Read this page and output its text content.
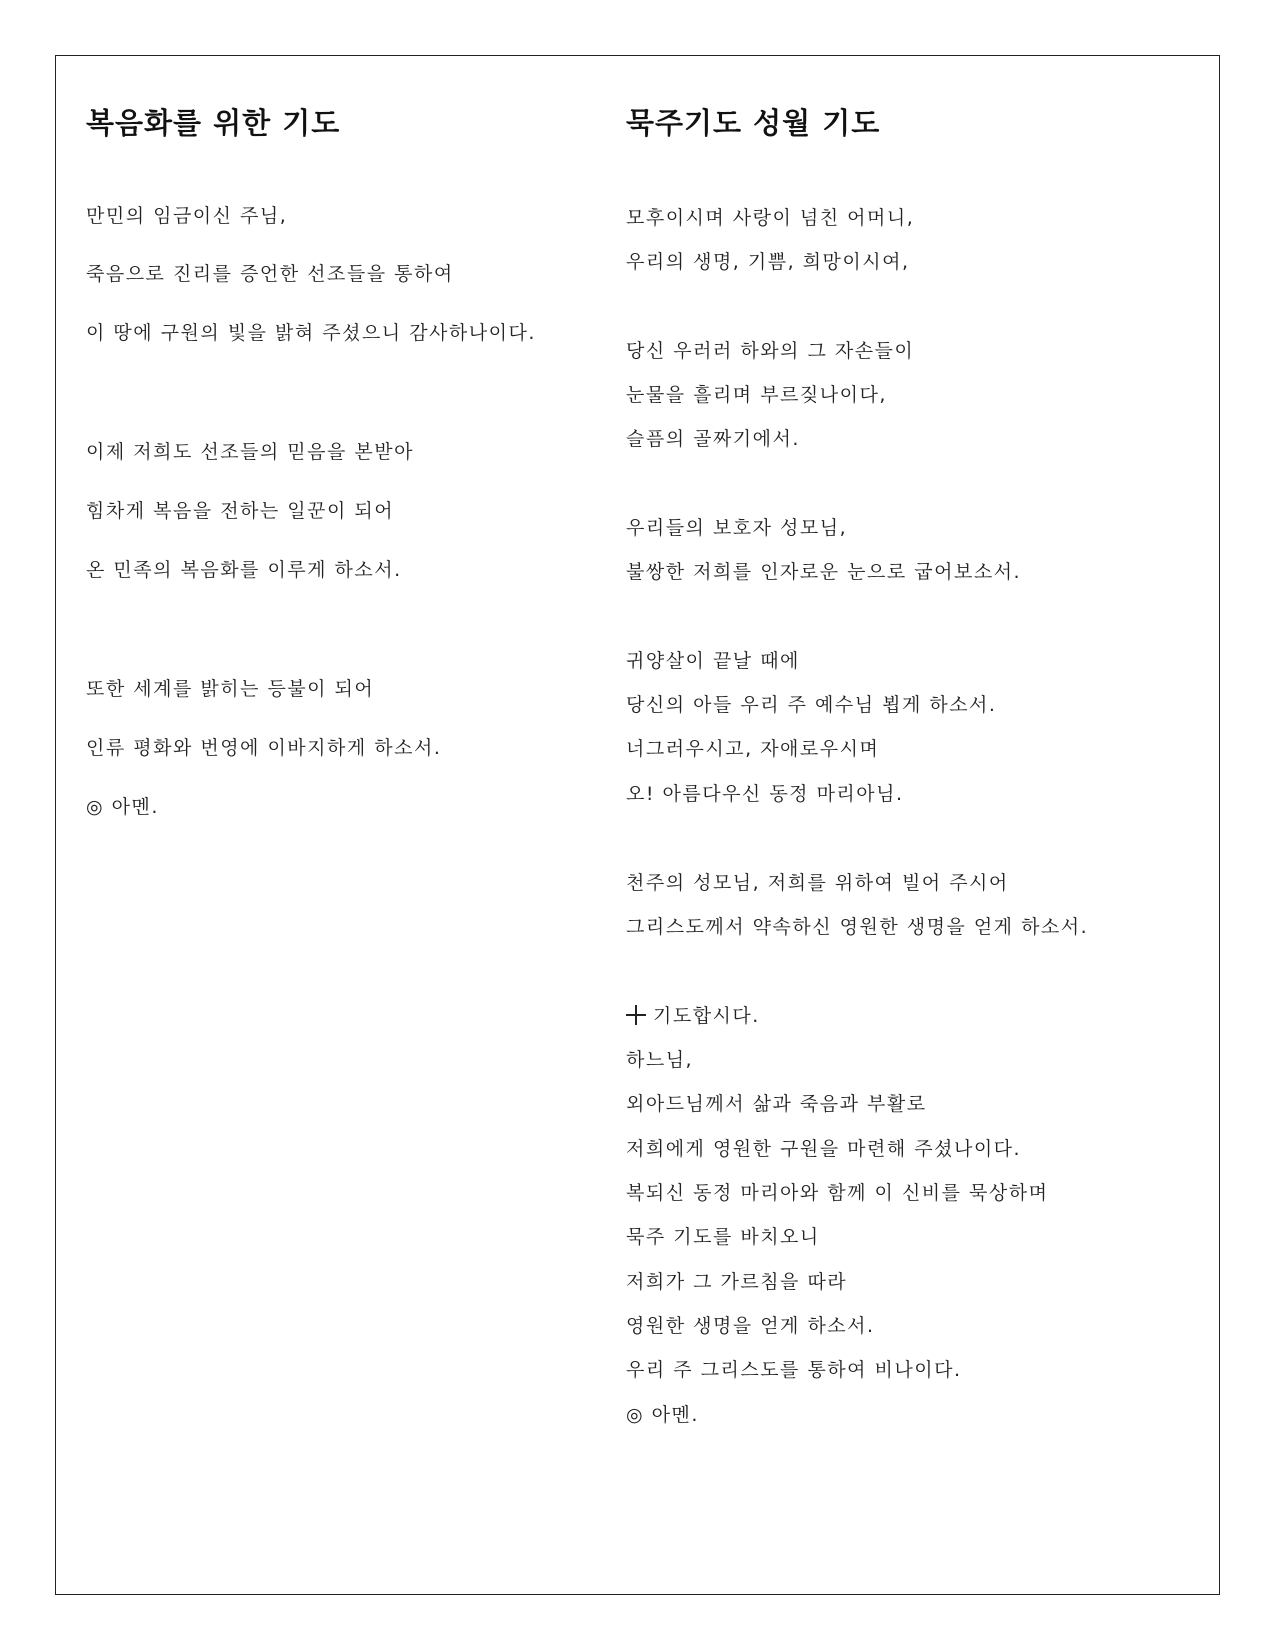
복음화를 위한 기도
만민의 임금이신 주님,
죽음으로 진리를 증언한 선조들을 통하여
이 땅에 구원의 빛을 밝혀 주셨으니 감사하나이다.
이제 저희도 선조들의 믿음을 본받아
힘차게 복음을 전하는 일꾼이 되어
온 민족의 복음화를 이루게 하소서.
또한 세계를 밝히는 등불이 되어
인류 평화와 번영에 이바지하게 하소서.
◎ 아멘.
묵주기도 성월 기도
모후이시며 사랑이 넘친 어머니,
우리의 생명, 기쁨, 희망이시여,
당신 우러러 하와의 그 자손들이
눈물을 흘리며 부르짖나이다,
슬픔의 골짜기에서.
우리들의 보호자 성모님,
불쌍한 저희를 인자로운 눈으로 굽어보소서.
귀양살이 끝날 때에
당신의 아들 우리 주 예수님 뵙게 하소서.
너그러우시고, 자애로우시며
오! 아름다우신 동정 마리아님.
천주의 성모님, 저희를 위하여 빌어 주시어
그리스도께서 약속하신 영원한 생명을 얻게 하소서.
기도합시다.
하느님,
외아드님께서 삶과 죽음과 부활로
저희에게 영원한 구원을 마련해 주셨나이다.
복되신 동정 마리아와 함께 이 신비를 묵상하며
묵주 기도를 바치오니
저희가 그 가르침을 따라
영원한 생명을 얻게 하소서.
우리 주 그리스도를 통하여 비나이다.
◎ 아멘.
